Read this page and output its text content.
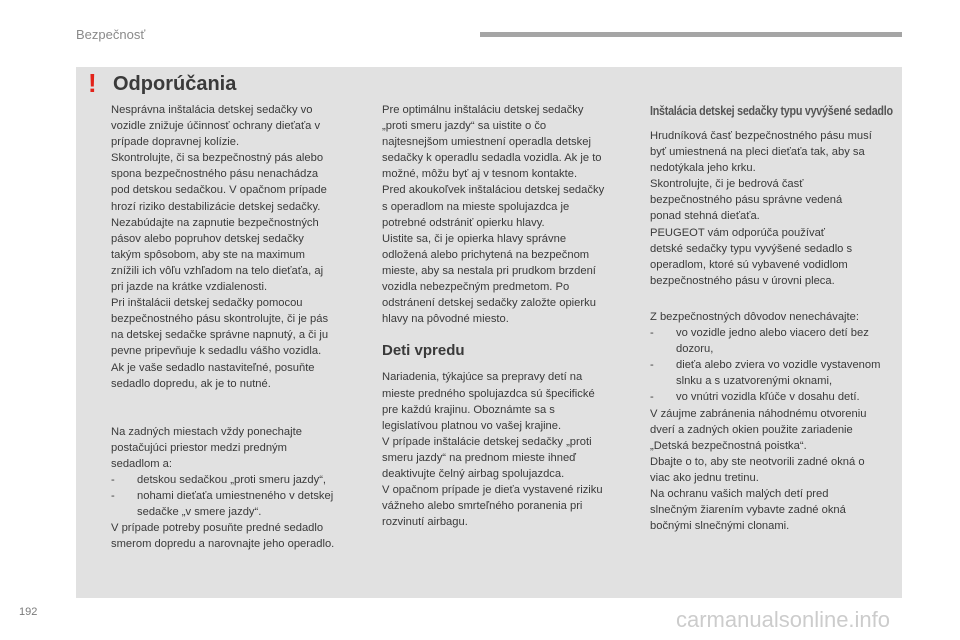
Bezpečnosť
! Odporúčania

Nesprávna inštalácia detskej sedačky vo

vozidle znižuje účinnosť ochrany dieťaťa v

prípade dopravnej kolízie.

Skontrolujte, či sa bezpečnostný pás alebo

spona bezpečnostného pásu nenachádza

pod detskou sedačkou. V opačnom prípade

hrozí riziko destabilizácie detskej sedačky.

Nezabúdajte na zapnutie bezpečnostných

pásov alebo popruhov detskej sedačky

takým spôsobom, aby ste na maximum

znížili ich vôľu vzhľadom na telo dieťaťa, aj

pri jazde na krátke vzdialenosti.

Pri inštalácii detskej sedačky pomocou

bezpečnostného pásu skontrolujte, či je pás

na detskej sedačke správne napnutý, a či ju

pevne pripevňuje k sedadlu vášho vozidla.

Ak je vaše sedadlo nastaviteľné, posuňte

sedadlo dopredu, ak je to nutné.

Na zadných miestach vždy ponechajte

postačujúci priestor medzi predným

sedadlom a:

- detskou sedačkou „proti smeru jazdy“,
- nohami dieťaťa umiestneného v detskej sedačke „v smere jazdy“.

V prípade potreby posuňte predné sedadlo

smerom dopredu a narovnajte jeho operadlo.

Pre optimálnu inštaláciu detskej sedačky

„proti smeru jazdy“ sa uistite o čo

najtesnejšom umiestnení operadla detskej

sedačky k operadlu sedadla vozidla. Ak je to

možné, môžu byť aj v tesnom kontakte.

Pred akoukoľvek inštaláciou detskej sedačky

s operadlom na mieste spolujazdca je

potrebné odstrániť opierku hlavy.

Uistite sa, či je opierka hlavy správne

odložená alebo prichytená na bezpečnom

mieste, aby sa nestala pri prudkom brzdení

vozidla nebezpečným predmetom. Po

odstránení detskej sedačky založte opierku

hlavy na pôvodné miesto.

Deti vpredu

Nariadenia, týkajúce sa prepravy detí na

mieste predného spolujazdca sú špecifické

pre každú krajinu. Oboznámte sa s

legislatívou platnou vo vašej krajine.

V prípade inštalácie detskej sedačky „proti

smeru jazdy“ na prednom mieste ihneď

deaktivujte čelný airbag spolujazdca.

V opačnom prípade je dieťa vystavené riziku

vážneho alebo smrteľného poranenia pri

rozvinutí airbagu.

Inštalácia detskej sedačky typu vyvýšené sedadlo

Hrudníková časť bezpečnostného pásu musí

byť umiestnená na pleci dieťaťa tak, aby sa

nedotýkala jeho krku.

Skontrolujte, či je bedrová časť

bezpečnostného pásu správne vedená

ponad stehná dieťaťa.

PEUGEOT vám odporúča používať

detské sedačky typu vyvýšené sedadlo s

operadlom, ktoré sú vybavené vodidlom

bezpečnostného pásu v úrovni pleca.

Z bezpečnostných dôvodov nenechávajte:

- vo vozidle jedno alebo viacero detí bez dozoru,
- dieťa alebo zviera vo vozidle vystavenom slnku a s uzatvorenými oknami,
- vo vnútri vozidla kľúče v dosahu detí.

V záujme zabránenia náhodnému otvoreniu

dverí a zadných okien použite zariadenie

„Detská bezpečnostná poistka“.

Dbajte o to, aby ste neotvorili zadné okná o

viac ako jednu tretinu.

Na ochranu vašich malých detí pred

slnečným žiarením vybavte zadné okná

bočnými slnečnými clonami.

192	carmanualsonline.info
